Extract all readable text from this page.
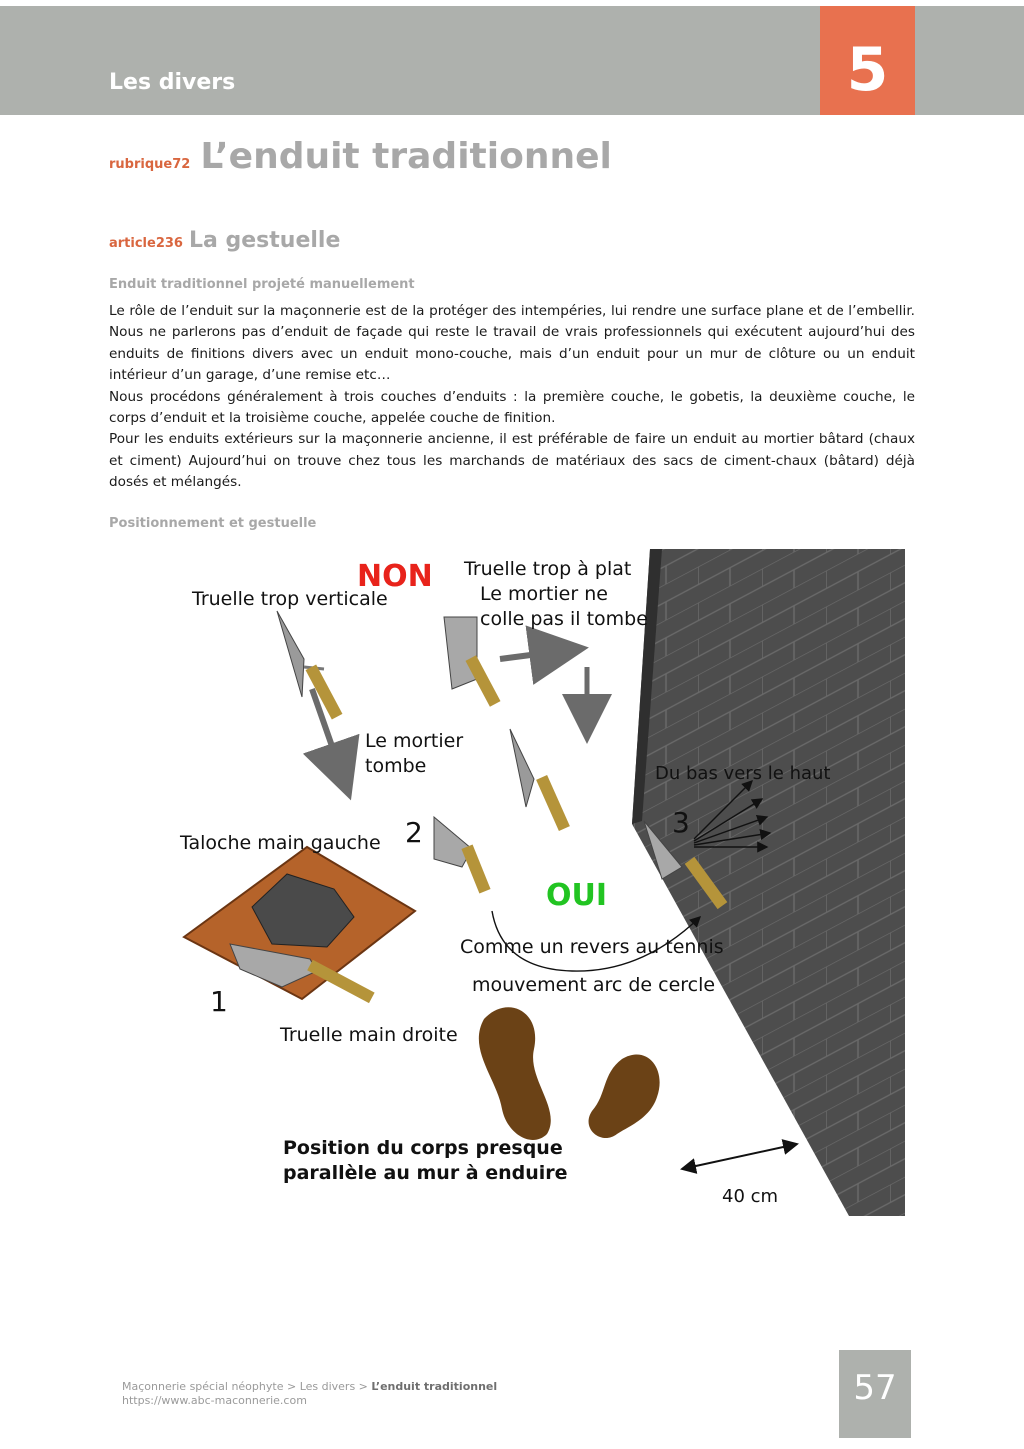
Les divers	5
rubrique72 L’enduit traditionnel
article236 La gestuelle
Enduit traditionnel projeté manuellement

Le rôle de l’enduit sur la maçonnerie est de la protéger des intempéries, lui rendre une surface plane et de l’embellir. Nous ne parlerons pas d’enduit de façade qui reste le travail de vrais professionnels qui exécutent aujourd’hui des enduits de finitions divers avec un enduit mono-couche, mais d’un enduit pour un mur de clôture ou un enduit intérieur d’un garage, d’une remise etc…

Nous procédons généralement à trois couches d’enduits : la première couche, le gobetis, la deuxième couche, le corps d’enduit et la troisième couche, appelée couche de finition.

Pour les enduits extérieurs sur la maçonnerie ancienne, il est préférable de faire un enduit au mortier bâtard (chaux et ciment) Aujourd’hui on trouve chez tous les marchands de matériaux des sacs de ciment-chaux (bâtard) déjà dosés et mélangés.

Positionnement et gestuelle
NON
Truelle trop verticale
Truelle trop à plat
Le mortier ne
colle pas il tombe
Le mortier
tombe	Du bas vers le haut
Taloche main gauche 2	3
OUI
Comme un revers au tennis
mouvement arc de cercle
1
Truelle main droite
Position du corps presque
parallèle au mur à enduire
40 cm
Maçonnerie spécial néophyte > Les divers > L’enduit traditionnel
https://www.abc-maconnerie.com	57
